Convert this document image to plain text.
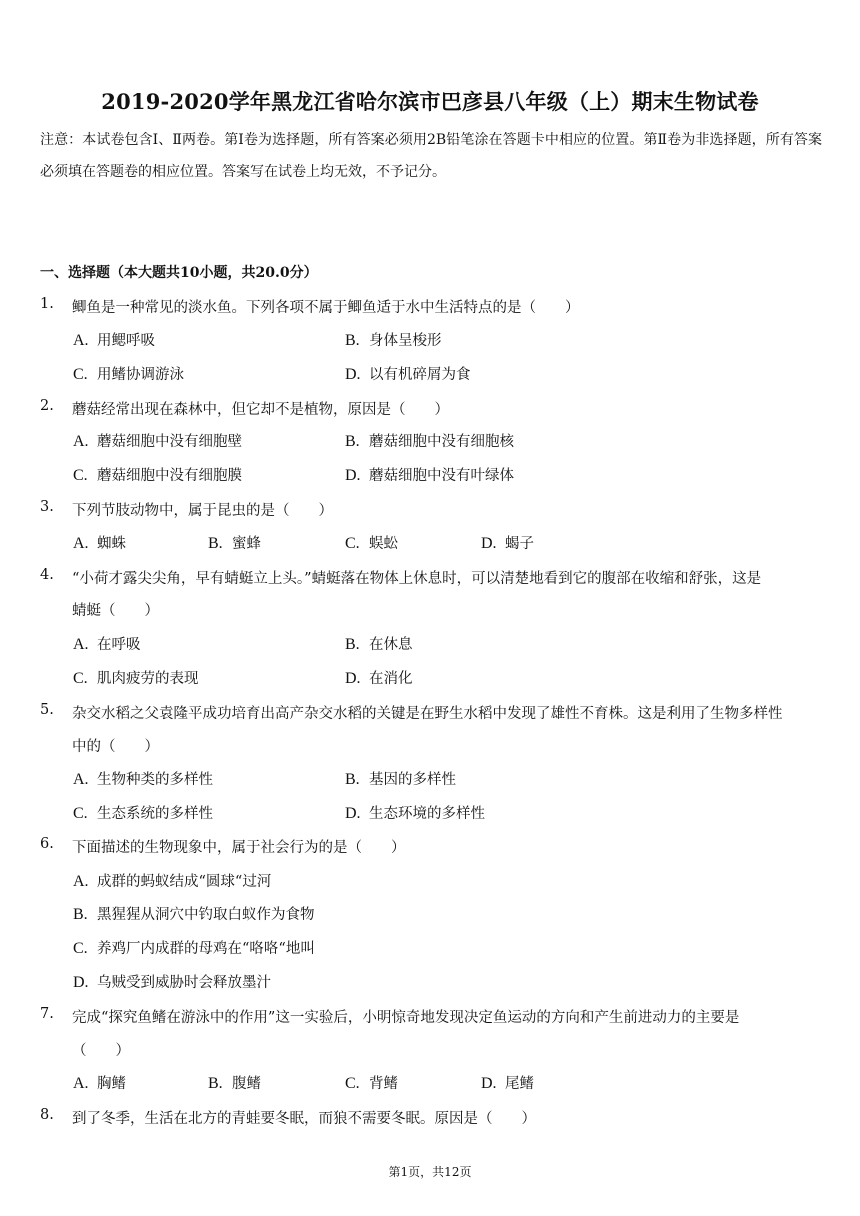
2019-2020学年黑龙江省哈尔滨市巴彦县八年级（上）期末生物试卷
注意：本试卷包含Ⅰ、Ⅱ两卷。第Ⅰ卷为选择题，所有答案必须用2B铅笔涂在答题卡中相应的位置。第Ⅱ卷为非选择题，所有答案必须填在答题卷的相应位置。答案写在试卷上均无效，不予记分。
一、选择题（本大题共10小题，共20.0分）
1. 鲫鱼是一种常见的淡水鱼。下列各项不属于鲫鱼适于水中生活特点的是（　　）
A. 用鳃呼吸	B. 身体呈梭形
C. 用鳍协调游泳	D. 以有机碎屑为食
2. 蘑菇经常出现在森林中，但它却不是植物，原因是（　　）
A. 蘑菇细胞中没有细胞壁	B. 蘑菇细胞中没有细胞核
C. 蘑菇细胞中没有细胞膜	D. 蘑菇细胞中没有叶绿体
3. 下列节肢动物中，属于昆虫的是（　　）
A. 蜘蛛	B. 蜜蜂	C. 蜈蚣	D. 蝎子
4. “小荷才露尖尖角，早有蜻蜓立上头。”蜻蜓落在物体上休息时，可以清楚地看到它的腹部在收缩和舒张，这是
蜻蜓（　　）
A. 在呼吸	B. 在休息
C. 肌肉疲劳的表现	D. 在消化
5. 杂交水稻之父袁隆平成功培育出高产杂交水稻的关键是在野生水稻中发现了雄性不育株。这是利用了生物多样性
中的（　　）
A. 生物种类的多样性	B. 基因的多样性
C. 生态系统的多样性	D. 生态环境的多样性
6. 下面描述的生物现象中，属于社会行为的是（　　）
A. 成群的蚂蚁结成“圆球“过河
B. 黑猩猩从洞穴中钓取白蚁作为食物
C. 养鸡厂内成群的母鸡在“咯咯“地叫
D. 乌贼受到威胁时会释放墨汁
7. 完成“探究鱼鳍在游泳中的作用”这一实验后，小明惊奇地发现决定鱼运动的方向和产生前进动力的主要是
（　　）
A. 胸鳍	B. 腹鳍	C. 背鳍	D. 尾鳍
8. 到了冬季，生活在北方的青蛙要冬眠，而狼不需要冬眠。原因是（　　）
第1页，共12页
